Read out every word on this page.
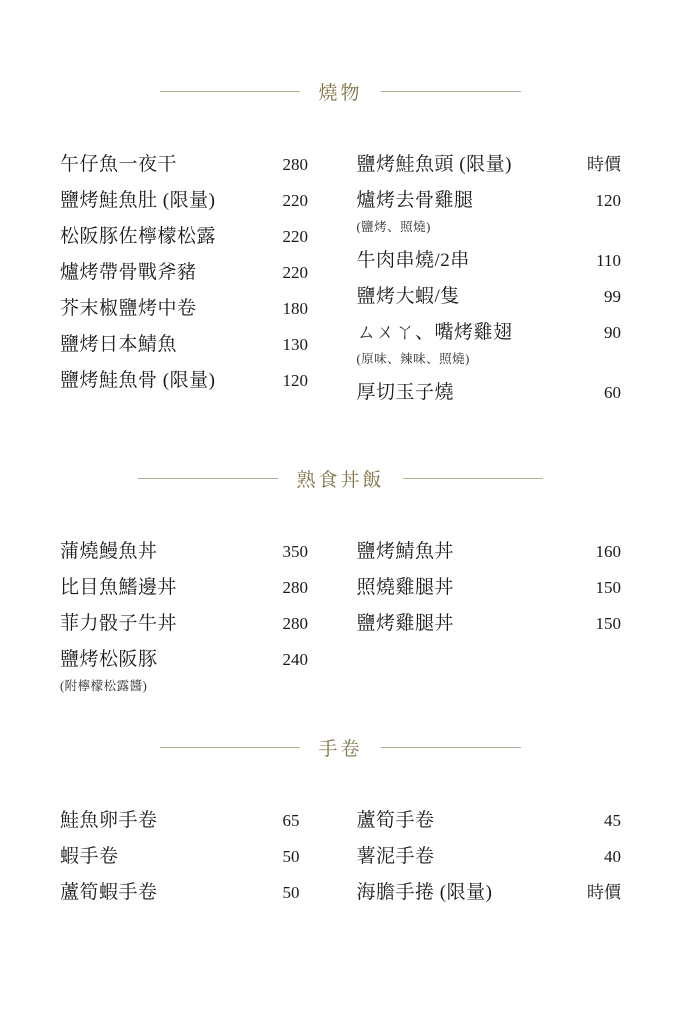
燒物
午仔魚一夜干	280
鹽烤鮭魚肚 (限量)	220
松阪豚佐檸檬松露	220
爐烤帶骨戰斧豬	220
芥末椒鹽烤中卷	180
鹽烤日本鯖魚	130
鹽烤鮭魚骨 (限量)	120
鹽烤鮭魚頭 (限量)	時價
爐烤去骨雞腿	120
(鹽烤、照燒)
牛肉串燒/2串	110
鹽烤大蝦/隻	99
ㄙㄨㄚ、嘴烤雞翅	90
(原味、辣味、照燒)
厚切玉子燒	60
熟食丼飯
蒲燒鰻魚丼	350
比目魚鰭邊丼	280
菲力骰子牛丼	280
鹽烤松阪豚	240
(附檸檬松露醬)
鹽烤鯖魚丼	160
照燒雞腿丼	150
鹽烤雞腿丼	150
手卷
鮭魚卵手卷	65
蝦手卷	50
蘆筍蝦手卷	50
蘆筍手卷	45
薯泥手卷	40
海膽手捲 (限量)	時價
